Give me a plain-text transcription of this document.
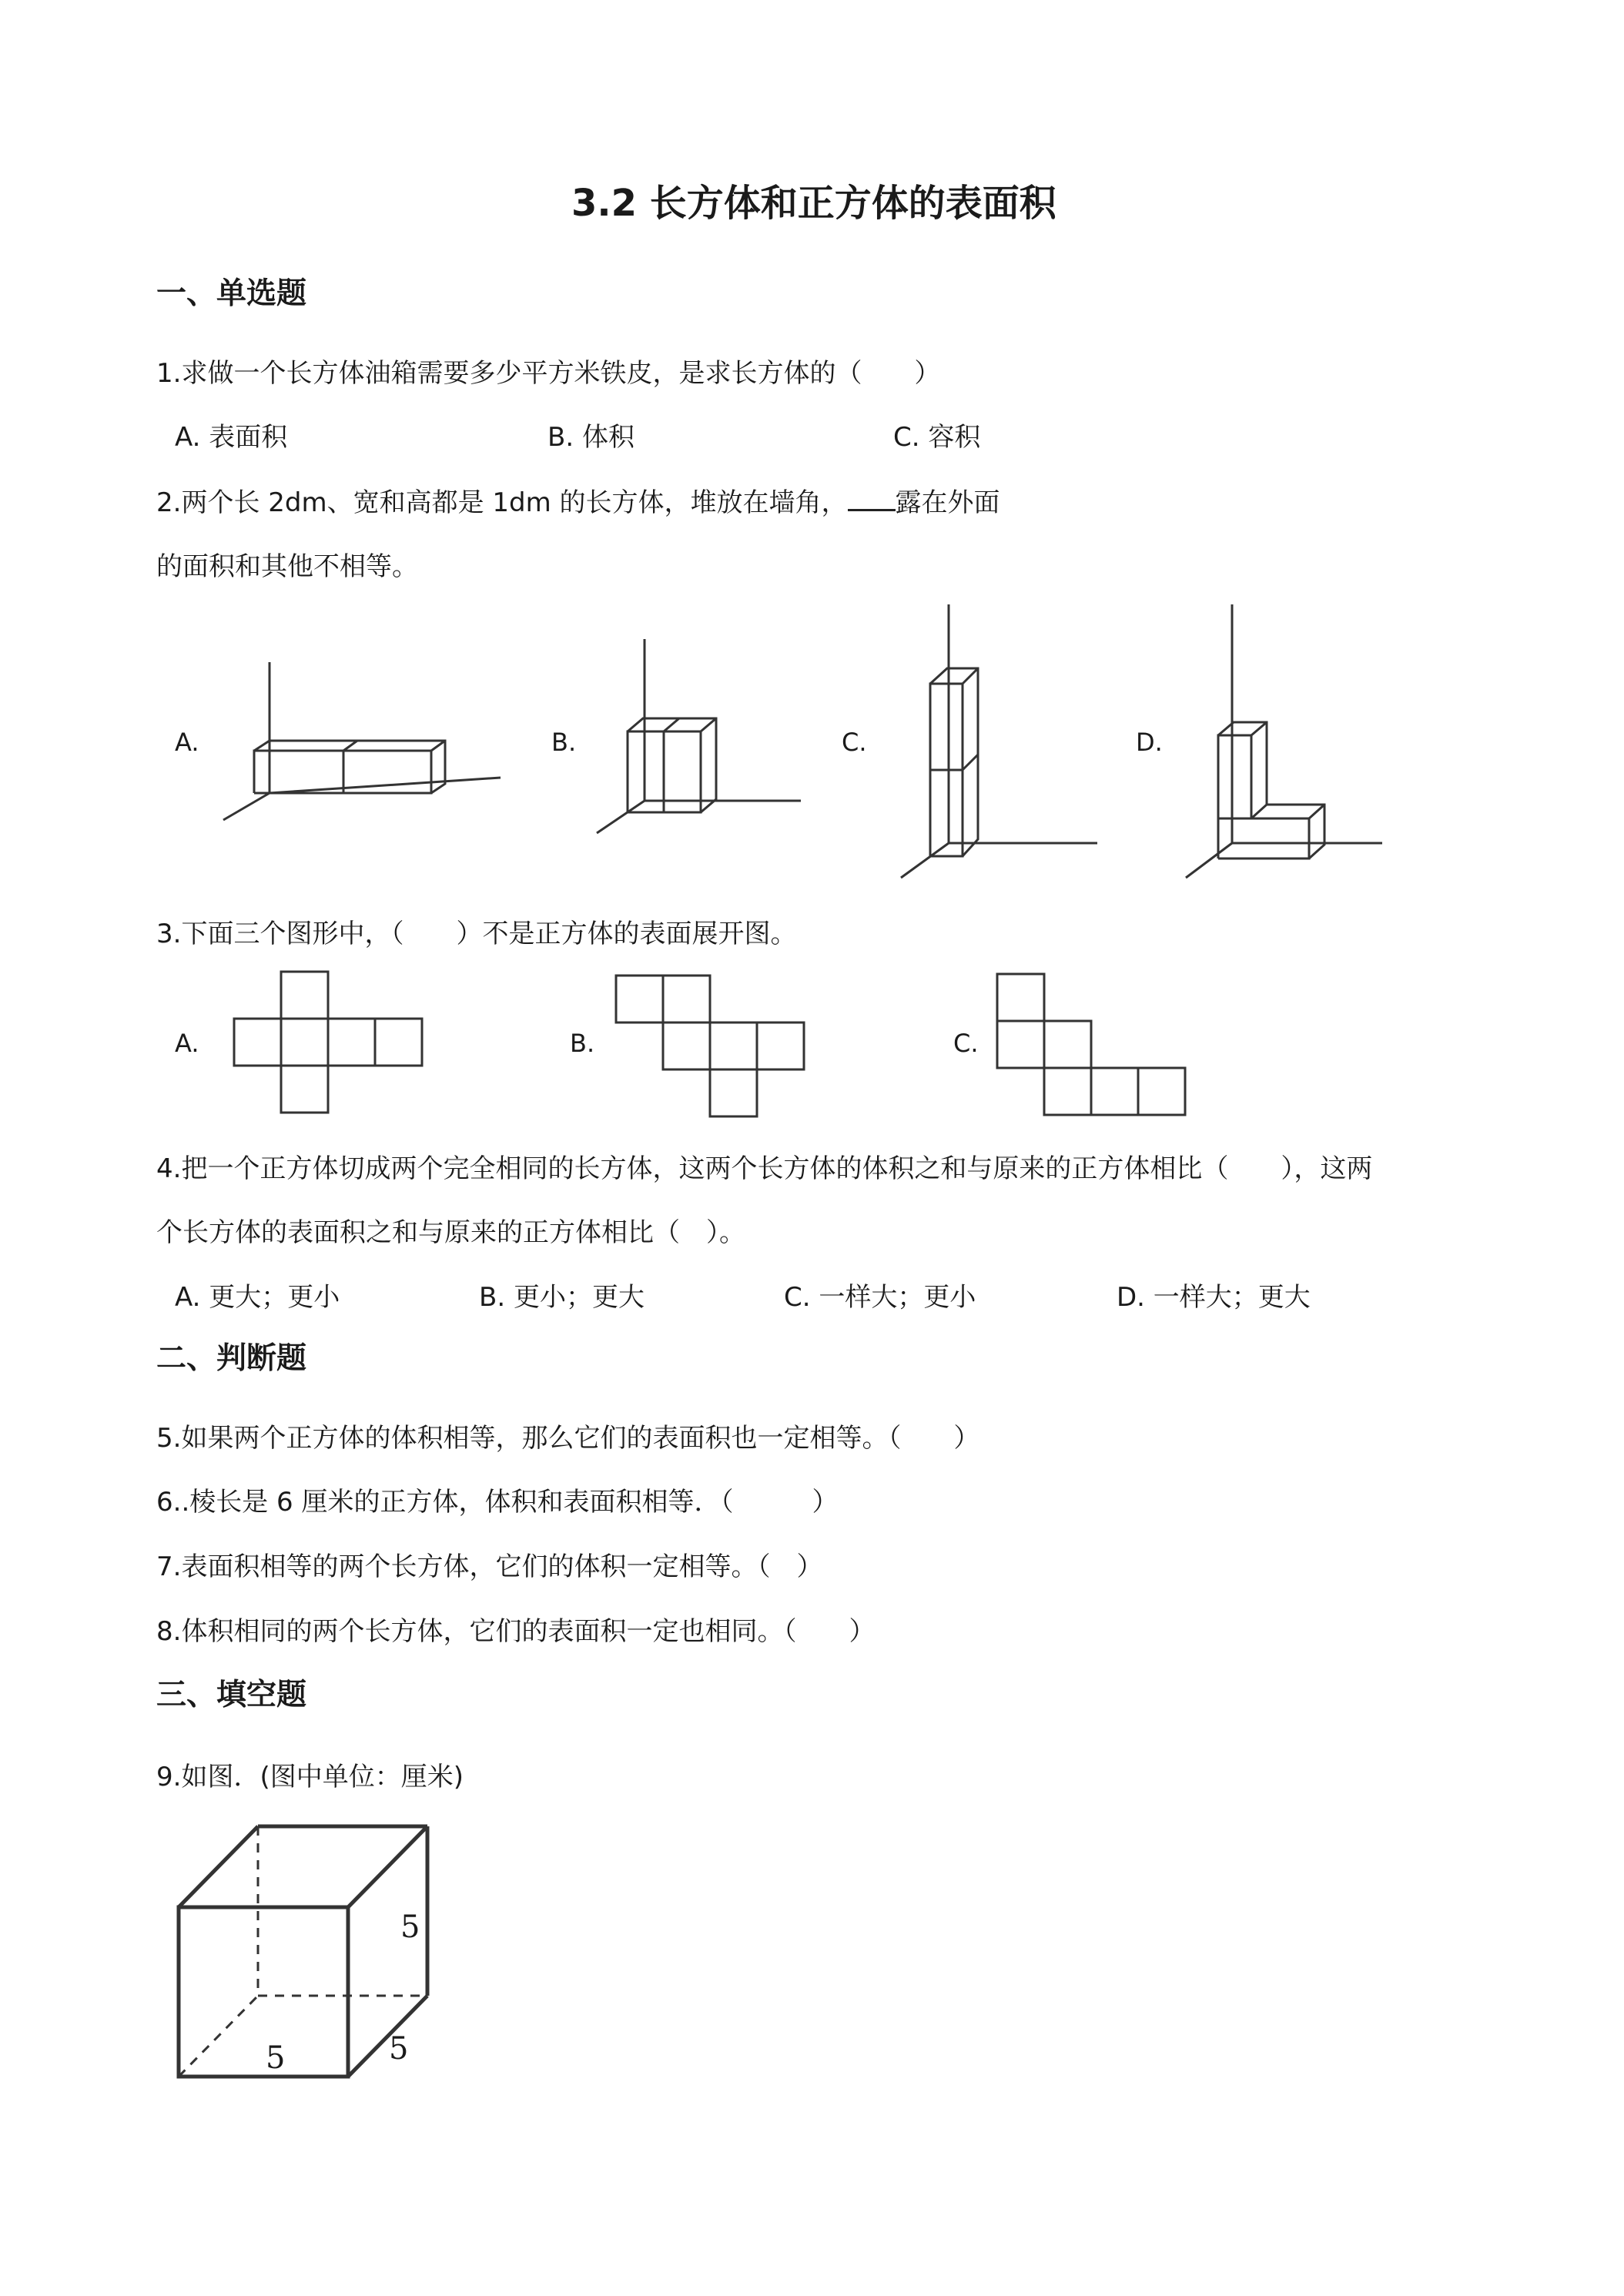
3.2 长方体和正方体的表面积
一、单选题
1.求做一个长方体油箱需要多少平方米铁皮，是求长方体的（　　）
A. 表面积	B. 体积	C. 容积
2.两个长 2dm、宽和高都是 1dm 的长方体，堆放在墙角， 露在外面
的面积和其他不相等。
A.	B.	C.	D.
3.下面三个图形中，（　　）不是正方体的表面展开图。
A.	B.	C.
4.把一个正方体切成两个完全相同的长方体，这两个长方体的体积之和与原来的正方体相比（　　），这两
个长方体的表面积之和与原来的正方体相比（　）。
A. 更大；更小	B. 更小；更大	C. 一样大；更小	D. 一样大；更大
二、判断题
5.如果两个正方体的体积相等，那么它们的表面积也一定相等。（　　）
6..棱长是 6 厘米的正方体，体积和表面积相等．（　　　）
7.表面积相等的两个长方体，它们的体积一定相等。（　）
8.体积相同的两个长方体，它们的表面积一定也相同。（　　）
三、填空题
9.如图．(图中单位：厘米)
5
5
5
